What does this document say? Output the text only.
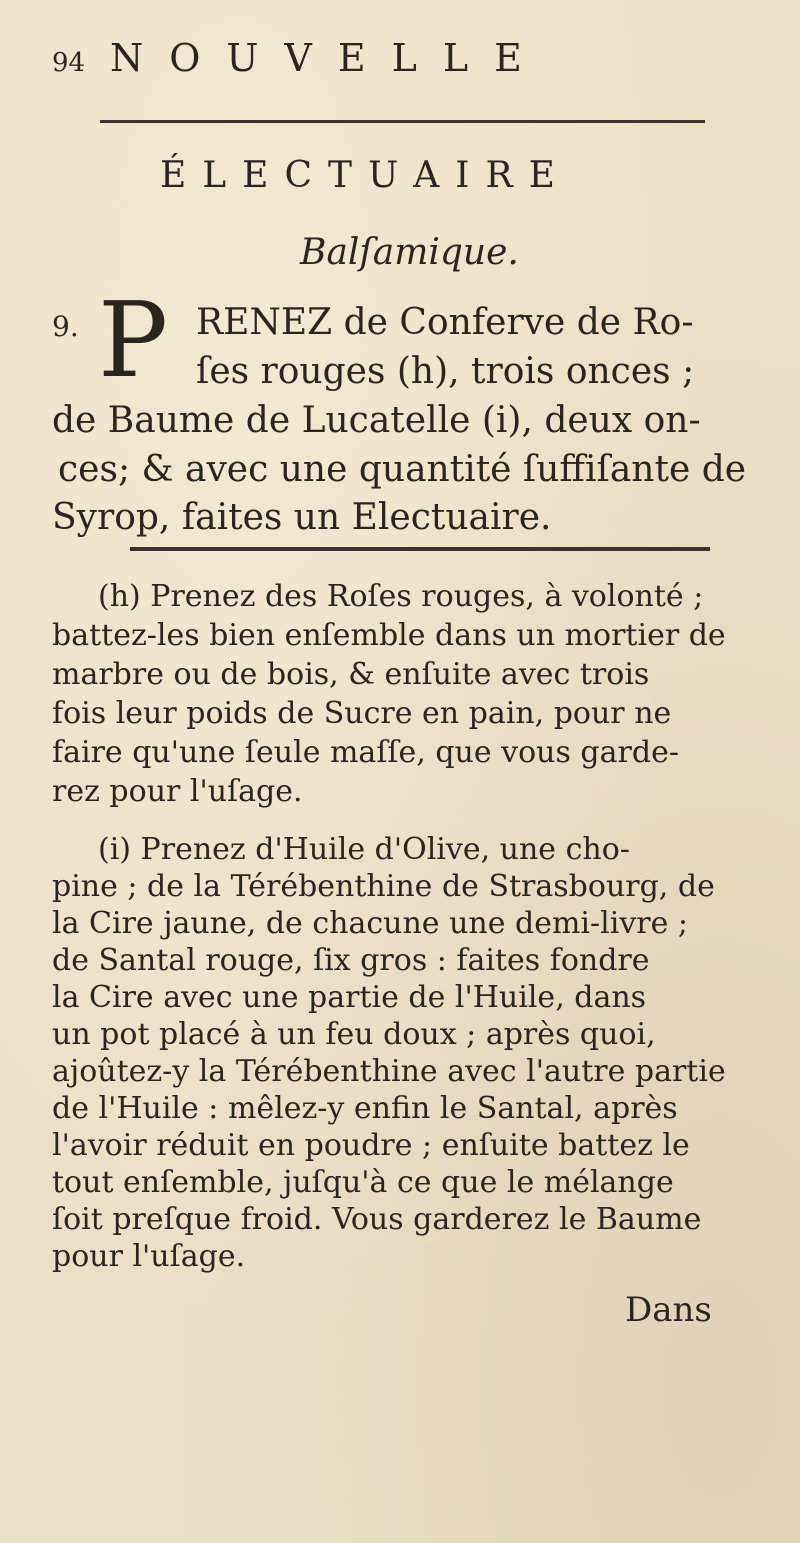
94 NOUVELLE
ÉLECTUAIRE
Balſamique.
9. P RENEZ de Conferve de Ro-
ſes rouges (h), trois onces ;
de Baume de Lucatelle (i), deux on-
ces; & avec une quantité ſuffiſante de
Syrop, faites un Electuaire.
(h) Prenez des Roſes rouges, à volonté ;
battez-les bien enſemble dans un mortier de
marbre ou de bois, & enſuite avec trois
fois leur poids de Sucre en pain, pour ne
faire qu'une ſeule maſſe, que vous garde-
rez pour l'uſage.
(i) Prenez d'Huile d'Olive, une cho-
pine ; de la Térébenthine de Strasbourg, de
la Cire jaune, de chacune une demi-livre ;
de Santal rouge, ſix gros : faites fondre
la Cire avec une partie de l'Huile, dans
un pot placé à un feu doux ; après quoi,
ajoûtez-y la Térébenthine avec l'autre partie
de l'Huile : mêlez-y enfin le Santal, après
l'avoir réduit en poudre ; enſuite battez le
tout enſemble, juſqu'à ce que le mélange
ſoit preſque froid. Vous garderez le Baume
pour l'uſage.
Dans
